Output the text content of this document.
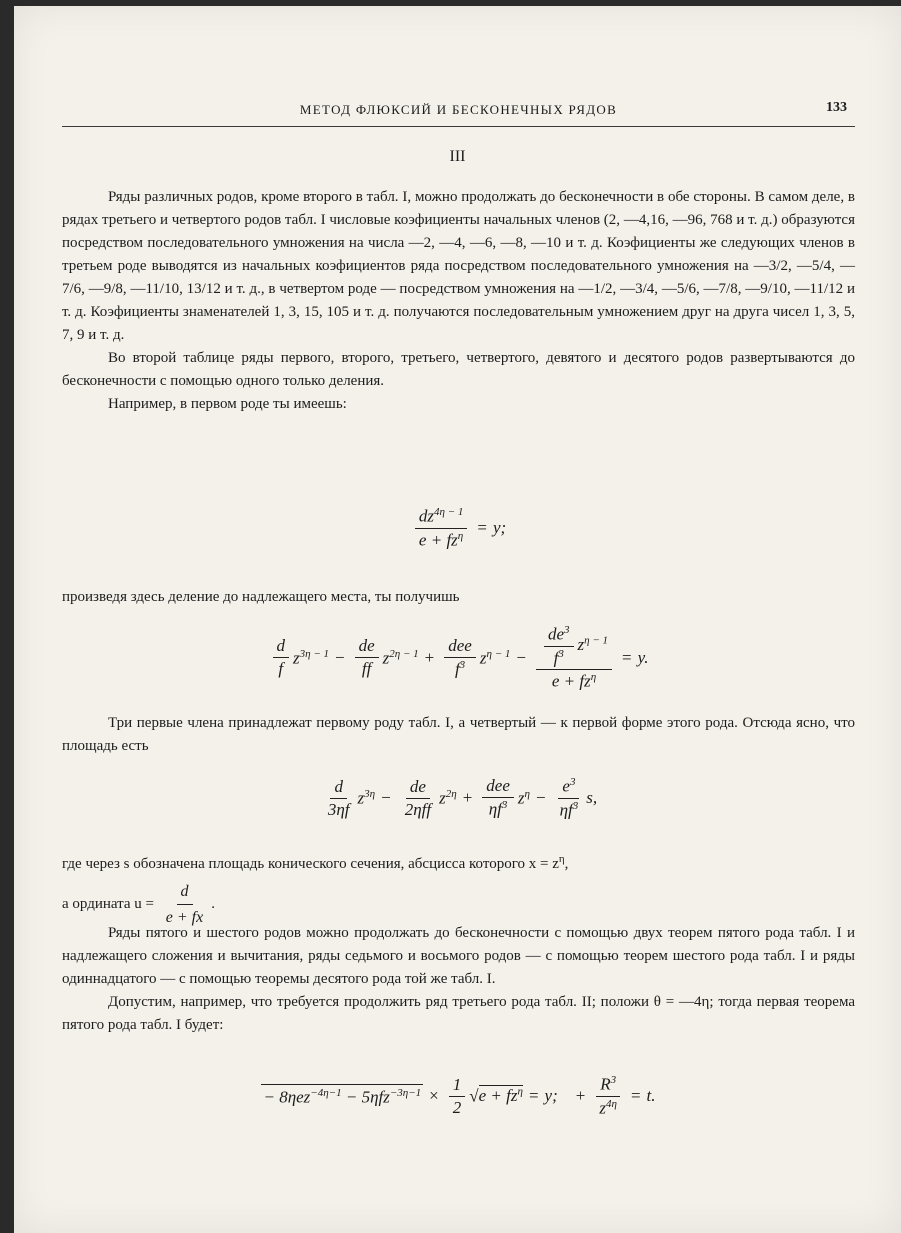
МЕТОД ФЛЮКСИЙ И БЕСКОНЕЧНЫХ РЯДОВ	133
III

Ряды различных родов, кроме второго в табл. I, можно продолжать до бесконечности в обе стороны. В самом деле, в рядах третьего и четвертого родов табл. I числовые коэфициенты начальных членов (2, —4,16, —96, 768 и т. д.) образуются посредством последовательного умножения на числа —2, —4, —6, —8, —10 и т. д. Коэфициенты же следующих членов в третьем роде выводятся из начальных коэфициентов ряда посредством последовательного умножения на —3/2, —5/4, —7/6, —9/8, —11/10, 13/12 и т. д., в четвертом роде — посредством умножения на —1/2, —3/4, —5/6, —7/8, —9/10, —11/12 и т. д. Коэфициенты знаменателей 1, 3, 15, 105 и т. д. получаются последовательным умножением друг на друга чисел 1, 3, 5, 7, 9 и т. д.

Во второй таблице ряды первого, второго, третьего, четвертого, девятого и десятого родов развертываются до бесконечности с помощью одного только деления.

Например, в первом роде ты имеешь:

$\frac{dz^{4\eta - 1}}{e + fz^\eta} = y$;

произведя здесь деление до надлежащего места, ты получишь

$\frac{d}{f} z^{3\eta - 1} - \frac{de}{ff} z^{2\eta - 1} + \frac{\text{dee}}{f^3} z^{\eta - 1} - \frac{\frac{de^3}{f^3} z^{\eta - 1}}{e + fz^\eta} = y$.

Три первые члена принадлежат первому роду табл. I, а четвертый — к первой форме этого рода. Отсюда ясно, что площадь есть

$\frac{d}{3\eta f} z^{3\eta} - \frac{de}{\text{2ηff}} z^{2\eta} + \frac{\text{dee}}{\eta f^3} z^\eta - \frac{e^3}{\eta f^3} s$,

где через s обозначена площадь конического сечения, абсцисса которого $x = z^\eta$,

а ордината $u = \frac{d}{e + fx}$ .

Ряды пятого и шестого родов можно продолжать до бесконечности с помощью двух теорем пятого рода табл. I и надлежащего сложения и вычитания, ряды седьмого и восьмого родов — с помощью теорем шестого рода табл. I и ряды одиннадцатого — с помощью теоремы десятого рода той же табл. I.

Допустим, например, что требуется продолжить ряд третьего рода табл. II; положи θ = —4η; тогда первая теорема пятого рода табл. I будет:

− $8\eta ez^{-4\eta-1} - 5\eta fz^{-3\eta-1} \times \frac{1}{2} √e + fz^\eta = y$; + $\frac{R^3}{z^{4\eta}} = t$.
